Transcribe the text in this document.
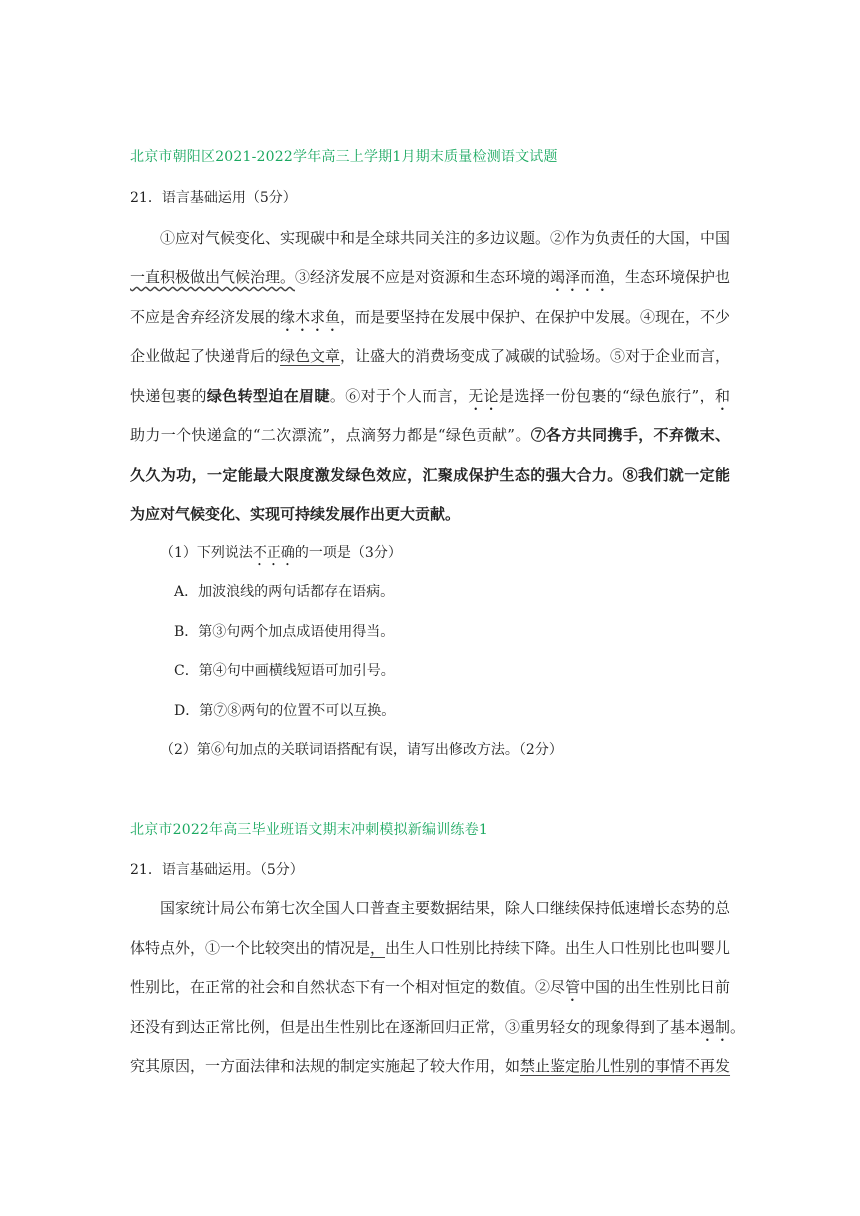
北京市朝阳区2021-2022学年高三上学期1月期末质量检测语文试题
21．语言基础运用（5分）
①应对气候变化、实现碳中和是全球共同关注的多边议题。②作为负责任的大国，中国
一直积极做出气候治理。③经济发展不应是对资源和生态环境的竭泽而渔，生态环境保护也
不应是舍弃经济发展的缘木求鱼，而是要坚持在发展中保护、在保护中发展。④现在，不少
企业做起了快递背后的绿色文章，让盛大的消费场变成了减碳的试验场。⑤对于企业而言，
快递包裹的绿色转型迫在眉睫。⑥对于个人而言，无论是选择一份包裹的“绿色旅行”，和
助力一个快递盒的“二次漂流”，点滴努力都是“绿色贡献”。⑦各方共同携手，不弃微末、
久久为功，一定能最大限度激发绿色效应，汇聚成保护生态的强大合力。⑧我们就一定能
为应对气候变化、实现可持续发展作出更大贡献。
（1）下列说法不正确的一项是（3分）
A．加波浪线的两句话都存在语病。
B．第③句两个加点成语使用得当。
C．第④句中画横线短语可加引号。
D．第⑦⑧两句的位置不可以互换。
（2）第⑥句加点的关联词语搭配有误，请写出修改方法。（2分）
北京市2022年高三毕业班语文期末冲刺模拟新编训练卷1
21．语言基础运用。（5分）
国家统计局公布第七次全国人口普查主要数据结果，除人口继续保持低速增长态势的总
体特点外，①一个比较突出的情况是，出生人口性别比持续下降。出生人口性别比也叫婴儿
性别比，在正常的社会和自然状态下有一个相对恒定的数值。②尽管中国的出生性别比日前
还没有到达正常比例，但是出生性别比在逐渐回归正常，③重男轻女的现象得到了基本遏制。
究其原因，一方面法律和法规的制定实施起了较大作用，如禁止鉴定胎儿性别的事情不再发
